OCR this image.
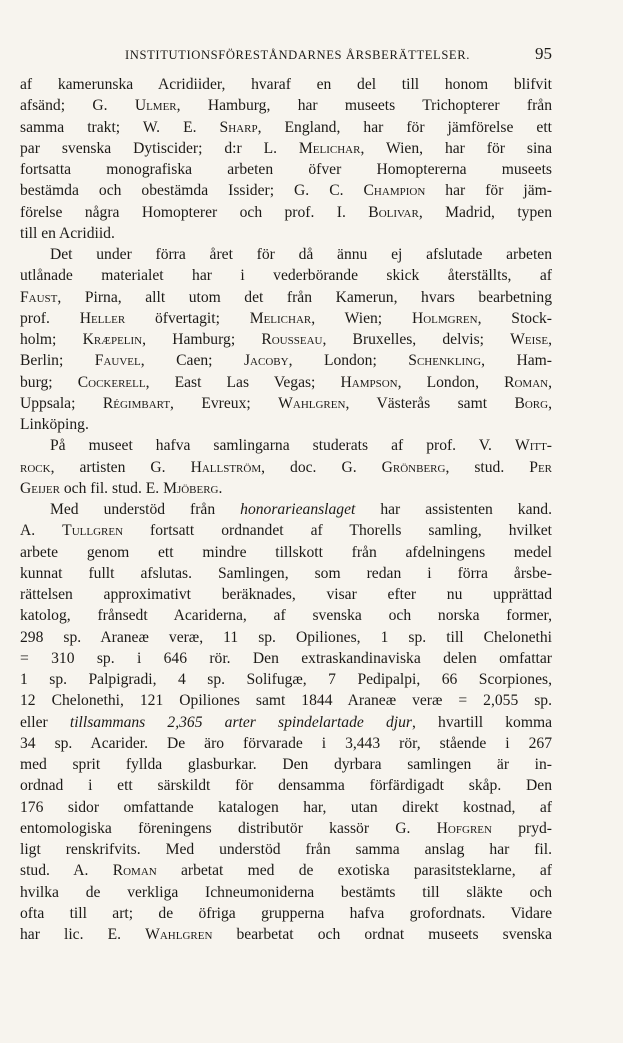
INSTITUTIONSFÖRESTÅNDARNES ÅRSBERÄTTELSER.	95
af kamerunska Acridiider, hvaraf en del till honom blifvit
afsänd; G. Ulmer, Hamburg, har museets Trichopterer från
samma trakt; W. E. Sharp, England, har för jämförelse ett
par svenska Dytiscider; d:r L. Melichar, Wien, har för sina
fortsatta monografiska arbeten öfver Homoptererna museets
bestämda och obestämda Issider; G. C. Champion har för jäm-
förelse några Homopterer och prof. I. Bolivar, Madrid, typen
till en Acridiid.
Det under förra året för då ännu ej afslutade arbeten
utlånade materialet har i vederbörande skick återställts, af
Faust, Pirna, allt utom det från Kamerun, hvars bearbetning
prof. Heller öfvertagit; Melichar, Wien; Holmgren, Stock-
holm; Kræpelin, Hamburg; Rousseau, Bruxelles, delvis; Weise,
Berlin; Fauvel, Caen; Jacoby, London; Schenkling, Ham-
burg; Cockerell, East Las Vegas; Hampson, London, Roman,
Uppsala; Régimbart, Evreux; Wahlgren, Västerås samt Borg,
Linköping.
På museet hafva samlingarna studerats af prof. V. Witt-
rock, artisten G. Hallström, doc. G. Grönberg, stud. Per
Geijer och fil. stud. E. Mjöberg.
Med understöd från honorarieanslaget har assistenten kand.
A. Tullgren fortsatt ordnandet af Thorells samling, hvilket
arbete genom ett mindre tillskott från afdelningens medel
kunnat fullt afslutas. Samlingen, som redan i förra årsbe-
rättelsen approximativt beräknades, visar efter nu upprättad
katolog, frånsedt Acariderna, af svenska och norska former,
298 sp. Araneæ veræ, 11 sp. Opiliones, 1 sp. till Chelonethi
= 310 sp. i 646 rör. Den extraskandinaviska delen omfattar
1 sp. Palpigradi, 4 sp. Solifugæ, 7 Pedipalpi, 66 Scorpiones,
12 Chelonethi, 121 Opiliones samt 1844 Araneæ veræ = 2,055 sp.
eller tillsammans 2,365 arter spindelartade djur, hvartill komma
34 sp. Acarider. De äro förvarade i 3,443 rör, stående i 267
med sprit fyllda glasburkar. Den dyrbara samlingen är in-
ordnad i ett särskildt för densamma förfärdigadt skåp. Den
176 sidor omfattande katalogen har, utan direkt kostnad, af
entomologiska föreningens distributör kassör G. Hofgren pryd-
ligt renskrifvits. Med understöd från samma anslag har fil.
stud. A. Roman arbetat med de exotiska parasitsteklarne, af
hvilka de verkliga Ichneumoniderna bestämts till släkte och
ofta till art; de öfriga grupperna hafva grofordnats. Vidare
har lic. E. Wahlgren bearbetat och ordnat museets svenska
